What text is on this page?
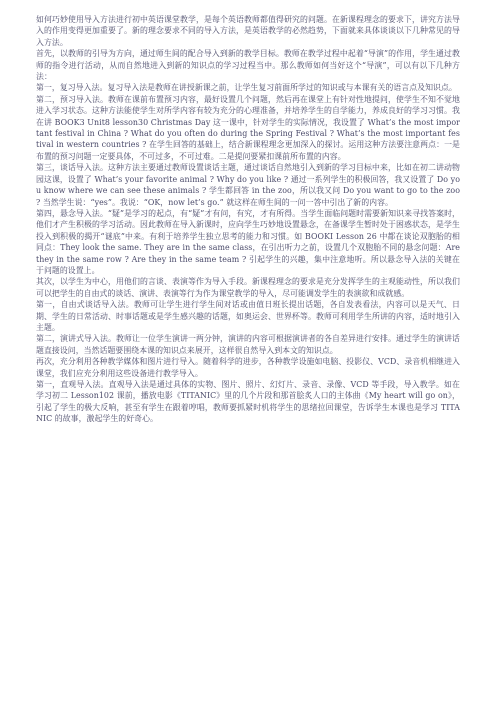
如何巧妙使用导入方法进行初中英语课堂教学，是每个英语教师都值得研究的问题。在新课程理念的要求下，讲究方法导入的作用变得更加重要了。新的理念要求不同的导入方法，是英语教学的必然趋势，下面就来具体谈谈以下几种常见的导入方法。

首先，以教师的引导为方向，通过师生间的配合导入到新的教学目标。教师在教学过程中起着“导演”的作用，学生通过教师的指令进行活动，从而自然地进入到新的知识点的学习过程当中。那么教师如何当好这个“导演”，可以有以下几种方法：

第一，复习导入法。复习导入法是教师在讲授新课之前，让学生复习前面所学过的知识或与本课有关的语言点及知识点。

第二，预习导入法。教师在课前布置预习内容，最好设置几个问题，然后再在课堂上有针对性地提问，使学生不知不觉地进入学习状态。这种方法能使学生对所学内容有较为充分的心理准备，并培养学生的自学能力，养成良好的学习习惯。我在讲 BOOK3 Unit8 lesson30 Christmas Day 这一课中，针对学生的实际情况，我设置了 What’s the most important festival in China ? What do you often do during the Spring Festival ? What’s the most important festival in western countries ? 在学生回答的基础上，结合新课程理念更加深入的探讨。运用这种方法要注意两点：一是布置的预习问题一定要具体，不可过多，不可过难。二是提问要紧扣课前所布置的内容。

第三，谈话导入法。这种方法主要通过教师设置谈话主题，通过谈话自然地引入到新的学习目标中来，比如在初二讲动物园这课，设置了 What’s your favorite animal ? Why do you like ? 通过一系列学生的积极回答，我又设置了 Do you know where we can see these animals ? 学生都回答 in the zoo，所以我又问 Do you want to go to the zoo ? 当然学生说：“yes”。我说：“OK，now let’s go.” 就这样在师生间的一问一答中引出了新的内容。

第四，悬念导入法。“疑”是学习的起点，有“疑”才有问，有究，才有所得。当学生面临问题时需要新知识来寻找答案时，他们才产生积极的学习活动。因此教师在导入新课时，应向学生巧妙地设置悬念，在备课学生暂时处于困惑状态，是学生投入到积极的揭开“谜底”中来。有利于培养学生独立思考的能力和习惯。如 BOOKI Lesson 26 中都在谈论双胞胎的相同点：They look the same. They are in the same class，在引出听力之前，设置几个双胞胎不同的悬念问题：Are they in the same row ? Are they in the same team ? 引起学生的兴趣，集中注意地听。所以悬念导入法的关键在于问题的设置上。

其次，以学生为中心，用他们的言谈、表演等作为导入手段。新课程理念的要求是充分发挥学生的主观能动性，所以我们可以把学生的自由式的谈话、演讲、表演等行为作为课堂教学的导入，尽可能调发学生的表演欲和成就感。

第一，自由式谈话导入法。教师可让学生进行学生间对话或由值日班长提出话题，各自发表看法，内容可以是天气、日期、学生的日常活动、时事话题或是学生感兴趣的话题，如奥运会、世界杯等。教师可利用学生所讲的内容，适时地引入主题。

第二，演讲式导入法。教师让一位学生演讲一两分钟，演讲的内容可根据演讲者的各自差异进行安排。通过学生的演讲话题直接设问，当然话题要围绕本课的知识点来展开，这样很自然导入到本文的知识点。

再次，充分利用各种教学媒体和图片进行导入。随着科学的进步，各种教学设施如电脑、投影仪、VCD、录音机相继进入课堂，我们应充分利用这些设备进行教学导入。

第一，直观导入法。直观导入法是通过具体的实物、图片、照片、幻灯片、录音、录像、VCD 等手段，导入教学。如在学习初二 Lesson102 课前，播放电影《TITANIC》里的几个片段和那首脍炙人口的主体曲《My heart will go on》，引起了学生的极大反响，甚至有学生在跟着哼唱，教师要抓紧时机将学生的思绪拉回课堂，告诉学生本课也是学习 TITANIC 的故事，激起学生的好奇心。
